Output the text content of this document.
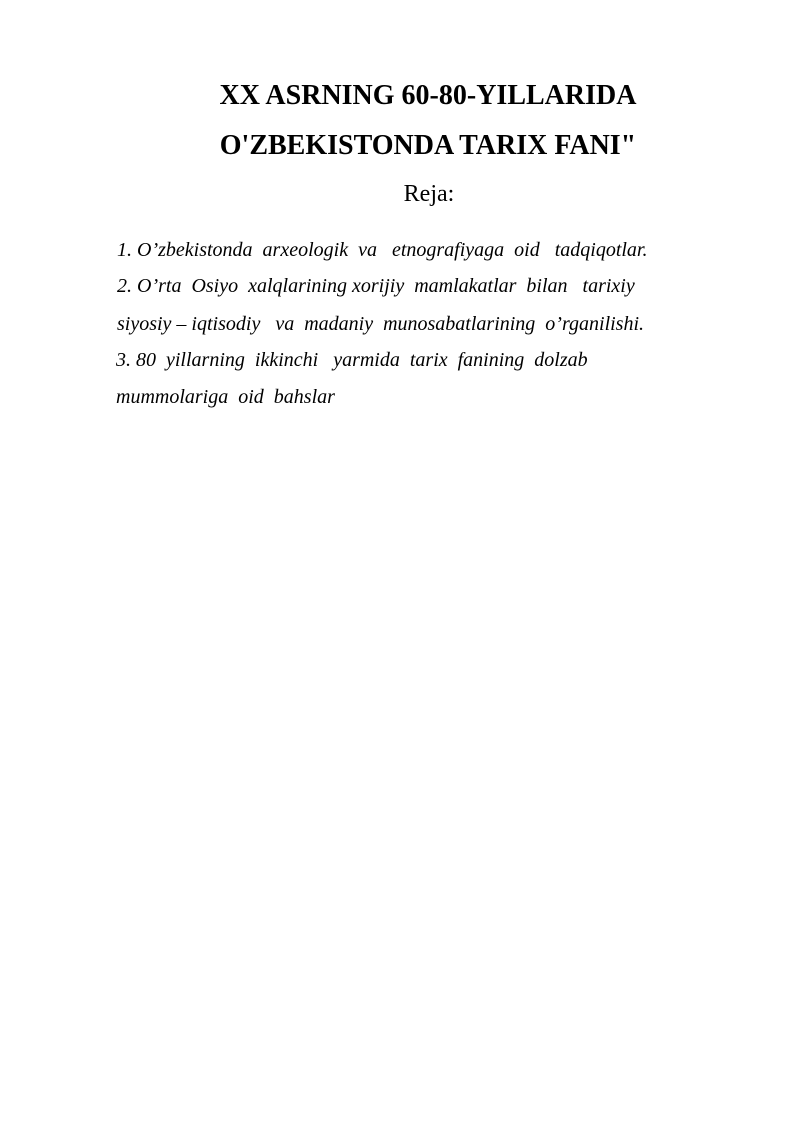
XX ASRNING 60-80-YILLARIDA
O'ZBEKISTONDA TARIX FANI"
Reja:
1. O’zbekistonda  arxeologik  va   etnografiyaga  oid   tadqiqotlar.
2. O’rta  Osiyo  xalqlarining xorijiy  mamlakatlar  bilan   tarixiy
siyosiy – iqtisodiy   va  madaniy  munosabatlarining  o’rganilishi.
3. 80  yillarning  ikkinchi   yarmida  tarix  fanining  dolzab
mummolariga  oid  bahslar
